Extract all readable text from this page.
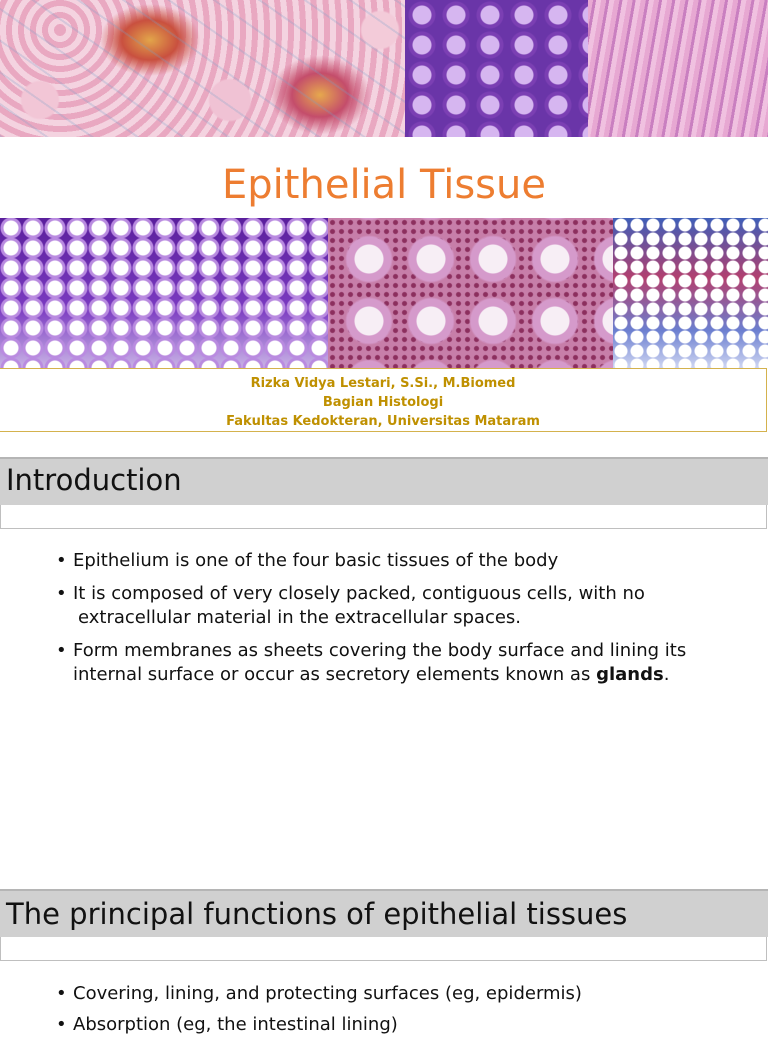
Epithelial Tissue
Rizka Vidya Lestari, S.Si., M.Biomed
Bagian Histologi
Fakultas Kedokteran, Universitas Mataram
Introduction
• Epithelium is one of the four basic tissues of the body
• It is composed of very closely packed, contiguous cells, with no
extracellular material in the extracellular spaces.
• Form membranes as sheets covering the body surface and lining its
internal surface or occur as secretory elements known as glands.
The principal functions of epithelial tissues
• Covering, lining, and protecting surfaces (eg, epidermis)
• Absorption (eg, the intestinal lining)
